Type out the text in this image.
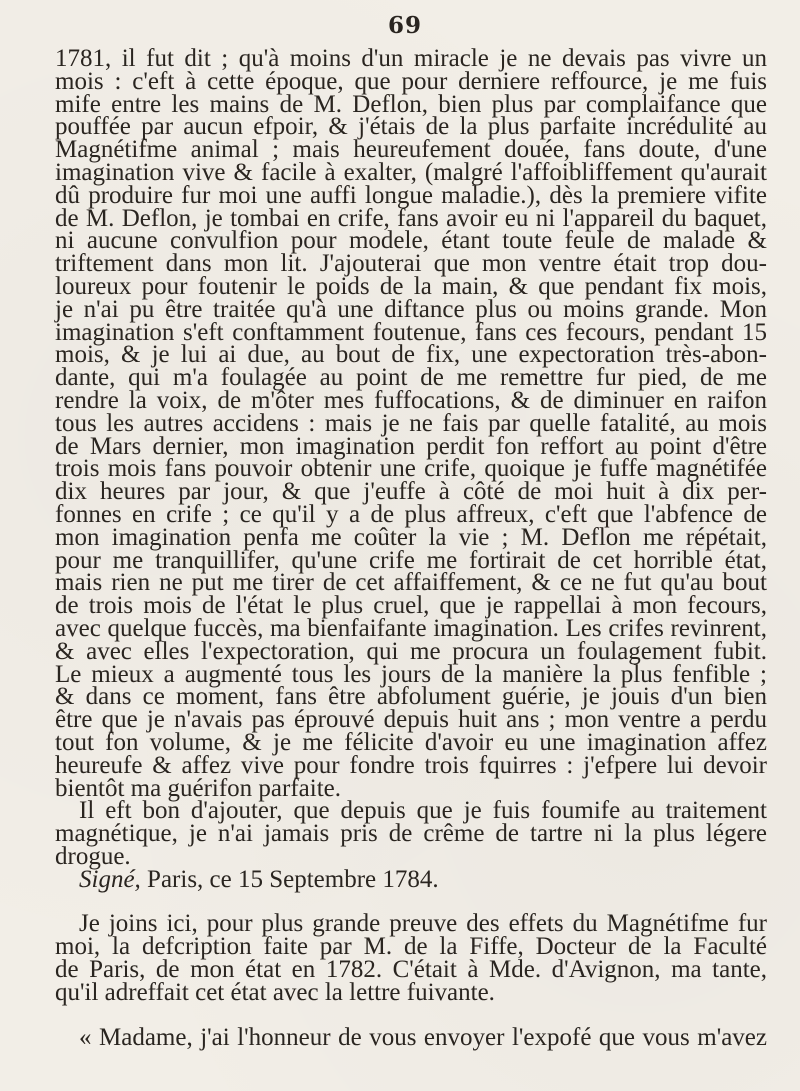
69
1781, il fut dit ; qu'à moins d'un miracle je ne devais pas vivre un
mois : c'eft à cette époque, que pour derniere reffource, je me fuis
mife entre les mains de M. Deflon, bien plus par complaifance que
pouffée par aucun efpoir, & j'étais de la plus parfaite incrédulité au
Magnétifme animal ; mais heureufement douée, fans doute, d'une
imagination vive & facile à exalter, (malgré l'affoibliffement qu'aurait
dû produire fur moi une auffi longue maladie.), dès la premiere vifite
de M. Deflon, je tombai en crife, fans avoir eu ni l'appareil du baquet,
ni aucune convulfion pour modele, étant toute feule de malade &
triftement dans mon lit. J'ajouterai que mon ventre était trop dou-
loureux pour foutenir le poids de la main, & que pendant fix mois,
je n'ai pu être traitée qu'à une diftance plus ou moins grande. Mon
imagination s'eft conftamment foutenue, fans ces fecours, pendant 15
mois, & je lui ai due, au bout de fix, une expectoration très-abon-
dante, qui m'a foulagée au point de me remettre fur pied, de me
rendre la voix, de m'ôter mes fuffocations, & de diminuer en raifon
tous les autres accidens : mais je ne fais par quelle fatalité, au mois
de Mars dernier, mon imagination perdit fon reffort au point d'être
trois mois fans pouvoir obtenir une crife, quoique je fuffe magnétifée
dix heures par jour, & que j'euffe à côté de moi huit à dix per-
fonnes en crife ; ce qu'il y a de plus affreux, c'eft que l'abfence de
mon imagination penfa me coûter la vie ; M. Deflon me répétait,
pour me tranquillifer, qu'une crife me fortirait de cet horrible état,
mais rien ne put me tirer de cet affaiffement, & ce ne fut qu'au bout
de trois mois de l'état le plus cruel, que je rappellai à mon fecours,
avec quelque fuccès, ma bienfaifante imagination. Les crifes revinrent,
& avec elles l'expectoration, qui me procura un foulagement fubit.
Le mieux a augmenté tous les jours de la manière la plus fenfible ;
& dans ce moment, fans être abfolument guérie, je jouis d'un bien
être que je n'avais pas éprouvé depuis huit ans ; mon ventre a perdu
tout fon volume, & je me félicite d'avoir eu une imagination affez
heureufe & affez vive pour fondre trois fquirres : j'efpere lui devoir
bientôt ma guérifon parfaite.
Il eft bon d'ajouter, que depuis que je fuis foumife au traitement
magnétique, je n'ai jamais pris de crême de tartre ni la plus légere
drogue.
Signé, Paris, ce 15 Septembre 1784.
Je joins ici, pour plus grande preuve des effets du Magnétifme fur
moi, la defcription faite par M. de la Fiffe, Docteur de la Faculté
de Paris, de mon état en 1782. C'était à Mde. d'Avignon, ma tante,
qu'il adreffait cet état avec la lettre fuivante.
« Madame, j'ai l'honneur de vous envoyer l'expofé que vous m'avez
